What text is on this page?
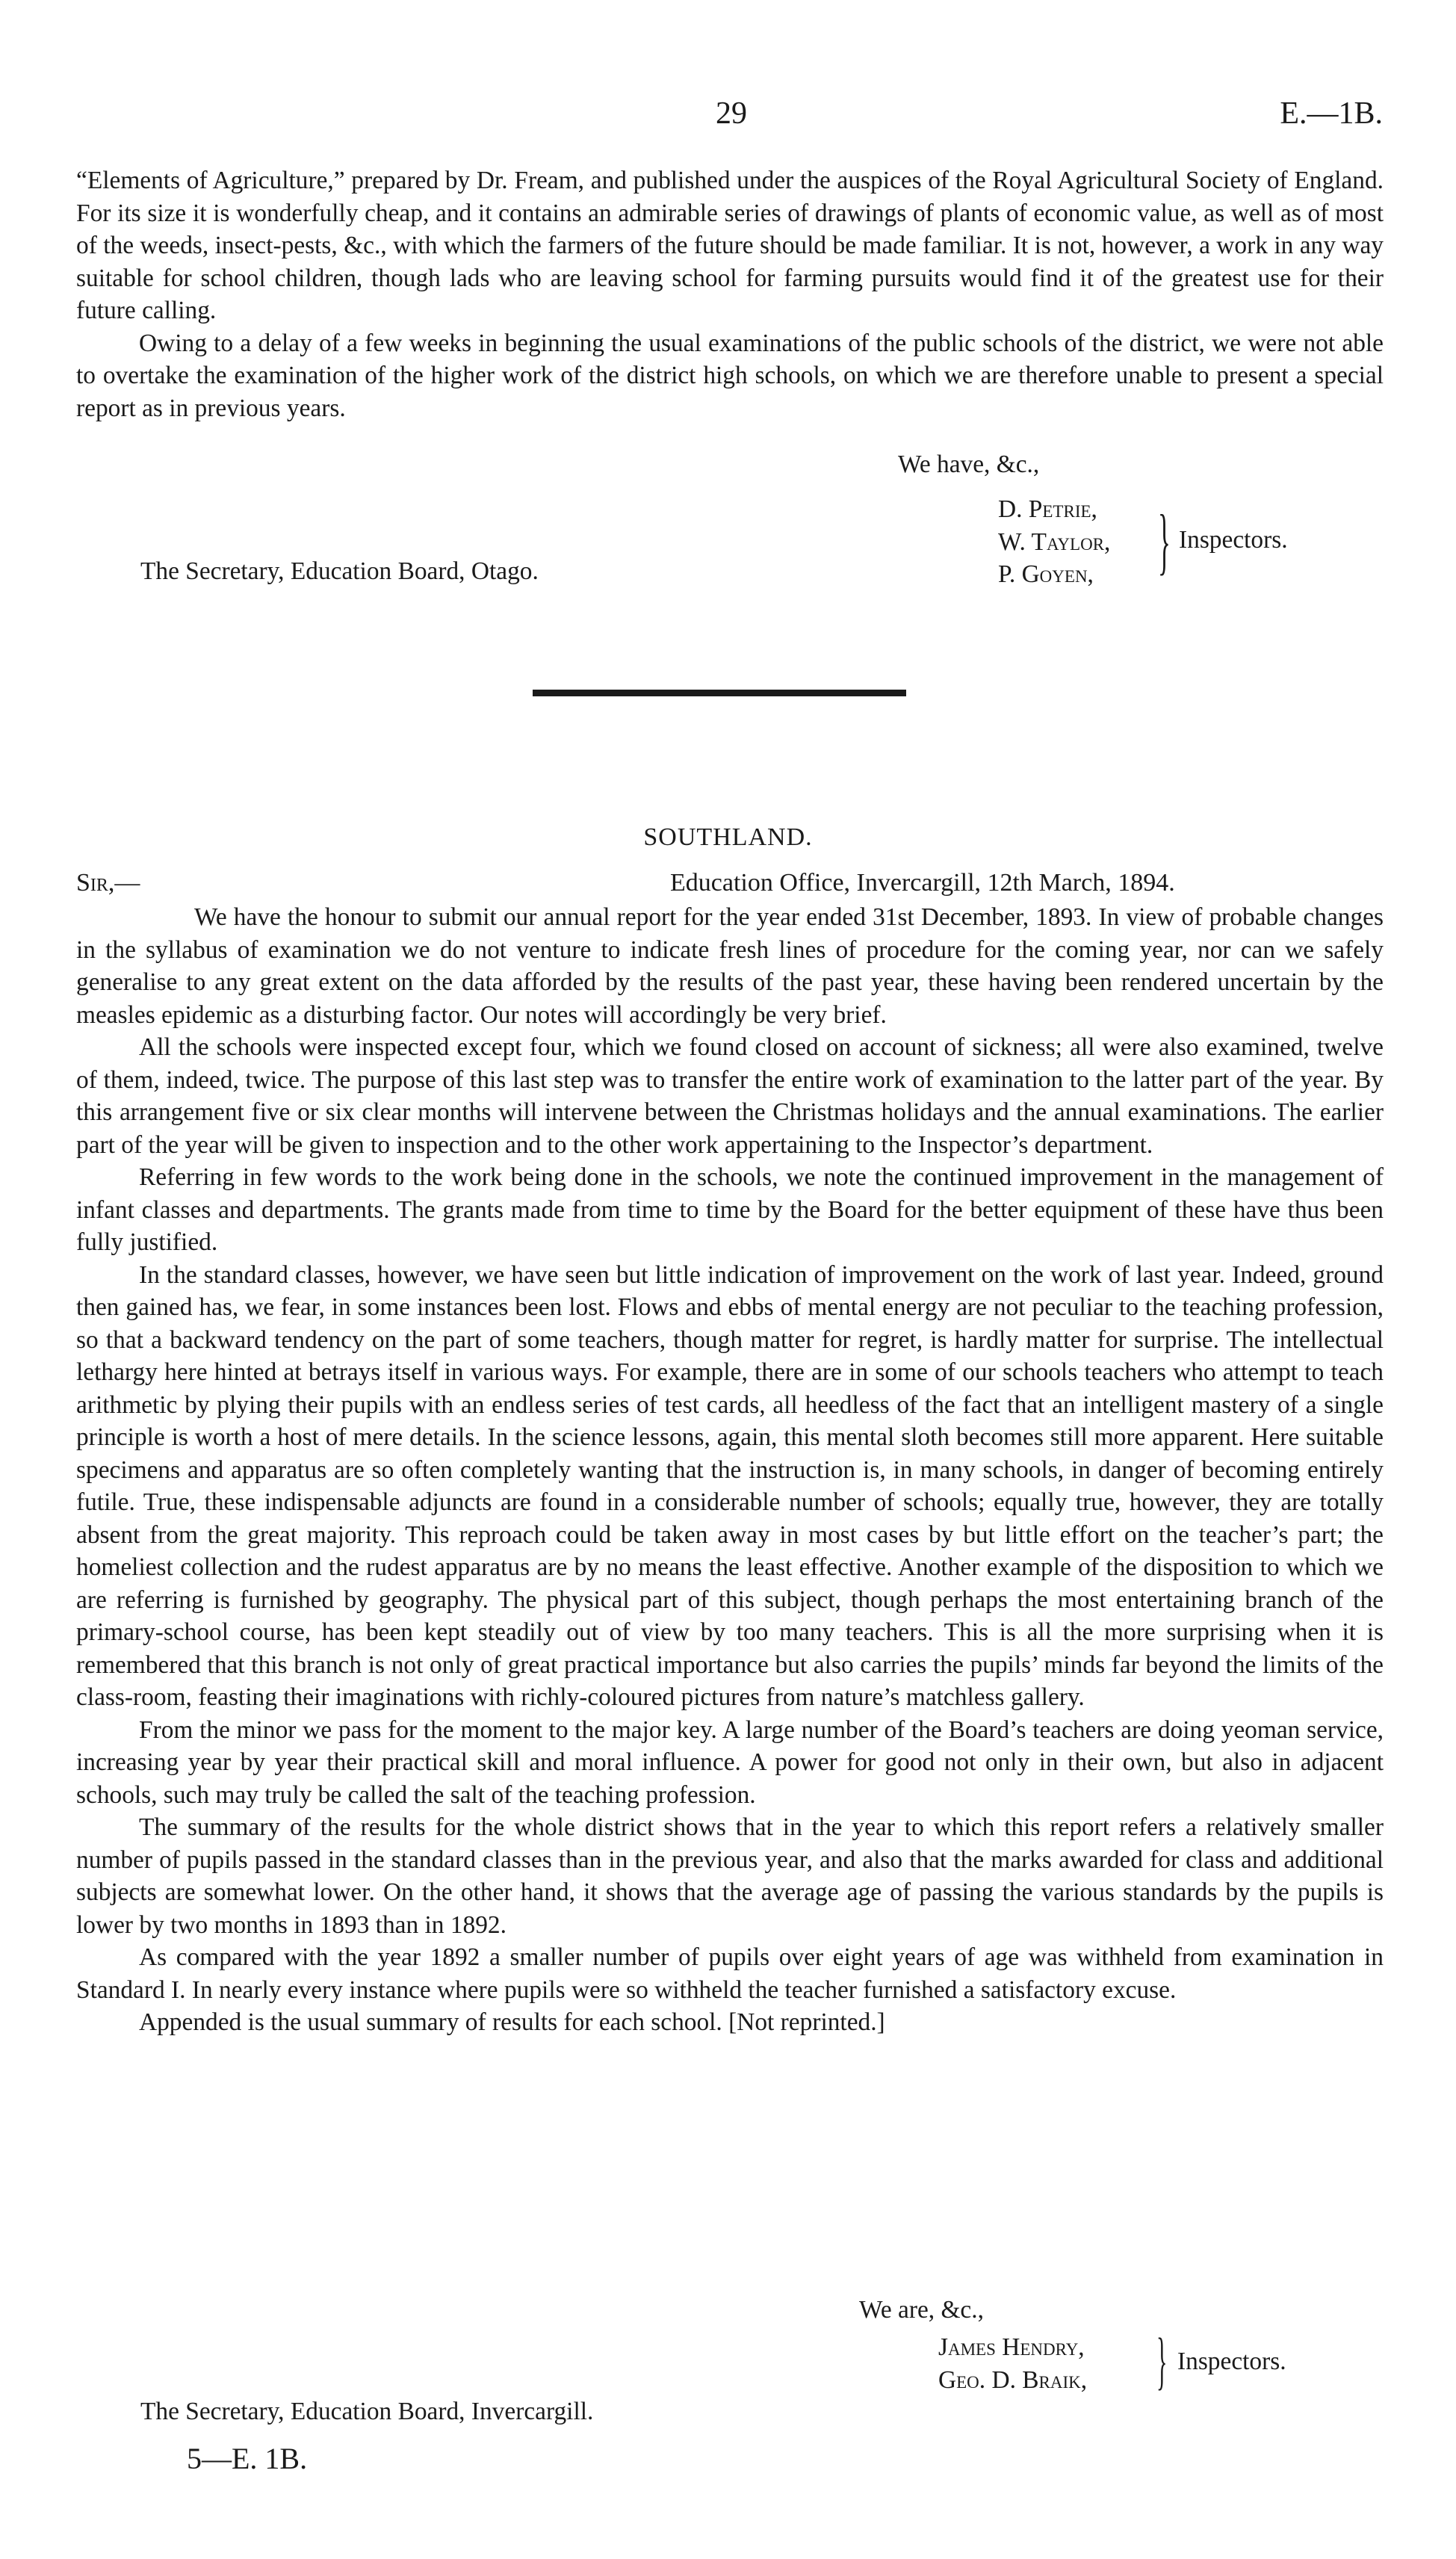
29	E.—1B.

“Elements of Agriculture,” prepared by Dr. Fream, and published under the auspices of the Royal Agricultural Society of England. For its size it is wonderfully cheap, and it contains an admirable series of drawings of plants of economic value, as well as of most of the weeds, insect-pests, &c., with which the farmers of the future should be made familiar. It is not, however, a work in any way suitable for school children, though lads who are leaving school for farming pursuits would find it of the greatest use for their future calling.

Owing to a delay of a few weeks in beginning the usual examinations of the public schools of the district, we were not able to overtake the examination of the higher work of the district high schools, on which we are therefore unable to present a special report as in previous years.

We have, &c.,
D. Petrie,
W. Taylor,
P. Goyen, } Inspectors.
The Secretary, Education Board, Otago.
SOUTHLAND.
Sir,—	Education Office, Invercargill, 12th March, 1894.

We have the honour to submit our annual report for the year ended 31st December, 1893. In view of probable changes in the syllabus of examination we do not venture to indicate fresh lines of procedure for the coming year, nor can we safely generalise to any great extent on the data afforded by the results of the past year, these having been rendered uncertain by the measles epidemic as a disturbing factor. Our notes will accordingly be very brief.

All the schools were inspected except four, which we found closed on account of sickness; all were also examined, twelve of them, indeed, twice. The purpose of this last step was to transfer the entire work of examination to the latter part of the year. By this arrangement five or six clear months will intervene between the Christmas holidays and the annual examinations. The earlier part of the year will be given to inspection and to the other work appertaining to the Inspector’s department.

Referring in few words to the work being done in the schools, we note the continued improvement in the management of infant classes and departments. The grants made from time to time by the Board for the better equipment of these have thus been fully justified.

In the standard classes, however, we have seen but little indication of improvement on the work of last year. Indeed, ground then gained has, we fear, in some instances been lost. Flows and ebbs of mental energy are not peculiar to the teaching profession, so that a backward tendency on the part of some teachers, though matter for regret, is hardly matter for surprise. The intellectual lethargy here hinted at betrays itself in various ways. For example, there are in some of our schools teachers who attempt to teach arithmetic by plying their pupils with an endless series of test cards, all heedless of the fact that an intelligent mastery of a single principle is worth a host of mere details. In the science lessons, again, this mental sloth becomes still more apparent. Here suitable specimens and apparatus are so often completely wanting that the instruction is, in many schools, in danger of becoming entirely futile. True, these indispensable adjuncts are found in a considerable number of schools; equally true, however, they are totally absent from the great majority. This reproach could be taken away in most cases by but little effort on the teacher’s part; the homeliest collection and the rudest apparatus are by no means the least effective. Another example of the disposition to which we are referring is furnished by geography. The physical part of this subject, though perhaps the most entertaining branch of the primary-school course, has been kept steadily out of view by too many teachers. This is all the more surprising when it is remembered that this branch is not only of great practical importance but also carries the pupils’ minds far beyond the limits of the class-room, feasting their imaginations with richly-coloured pictures from nature’s matchless gallery.

From the minor we pass for the moment to the major key. A large number of the Board’s teachers are doing yeoman service, increasing year by year their practical skill and moral influence. A power for good not only in their own, but also in adjacent schools, such may truly be called the salt of the teaching profession.

The summary of the results for the whole district shows that in the year to which this report refers a relatively smaller number of pupils passed in the standard classes than in the previous year, and also that the marks awarded for class and additional subjects are somewhat lower. On the other hand, it shows that the average age of passing the various standards by the pupils is lower by two months in 1893 than in 1892.

As compared with the year 1892 a smaller number of pupils over eight years of age was withheld from examination in Standard I. In nearly every instance where pupils were so withheld the teacher furnished a satisfactory excuse.

Appended is the usual summary of results for each school. [Not reprinted.]

We are, &c.,
James Hendry,
Geo. D. Braik, } Inspectors.
The Secretary, Education Board, Invercargill.
5—E. 1B.
